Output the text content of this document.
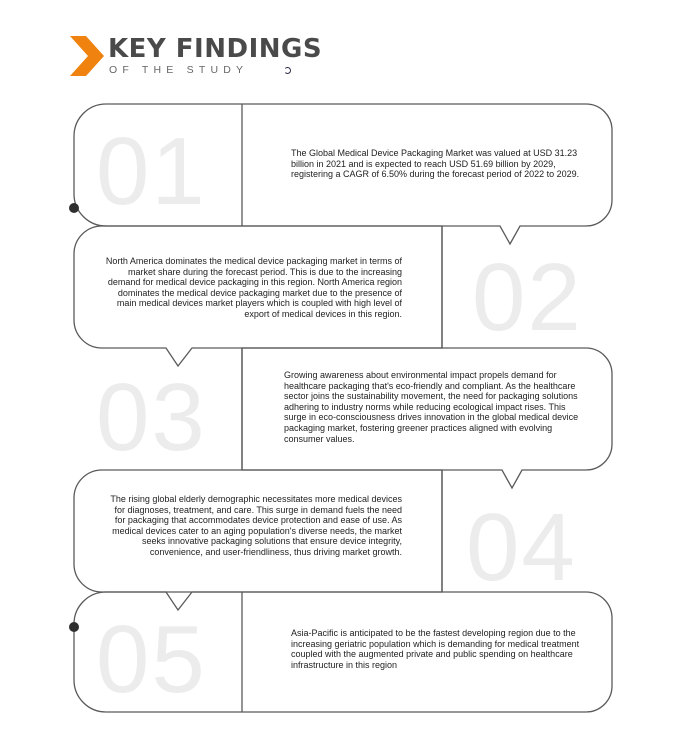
KEY FINDINGS
OF THE STUDY
01
02
03
04
05
The Global Medical Device Packaging Market was valued at USD 31.23 billion in 2021 and is expected to reach USD 51.69 billion by 2029, registering a CAGR of 6.50% during the forecast period of 2022 to 2029.
North America dominates the medical device packaging market in terms of market share during the forecast period. This is due to the increasing demand for medical device packaging in this region. North America region dominates the medical device packaging market due to the presence of main medical devices market players which is coupled with high level of export of medical devices in this region.
Growing awareness about environmental impact propels demand for healthcare packaging that's eco-friendly and compliant. As the healthcare sector joins the sustainability movement, the need for packaging solutions adhering to industry norms while reducing ecological impact rises. This surge in eco-consciousness drives innovation in the global medical device packaging market, fostering greener practices aligned with evolving consumer values.
The rising global elderly demographic necessitates more medical devices for diagnoses, treatment, and care. This surge in demand fuels the need for packaging that accommodates device protection and ease of use. As medical devices cater to an aging population's diverse needs, the market seeks innovative packaging solutions that ensure device integrity, convenience, and user-friendliness, thus driving market growth.
Asia-Pacific is anticipated to be the fastest developing region due to the increasing geriatric population which is demanding for medical treatment coupled with the augmented private and public spending on healthcare infrastructure in this region
